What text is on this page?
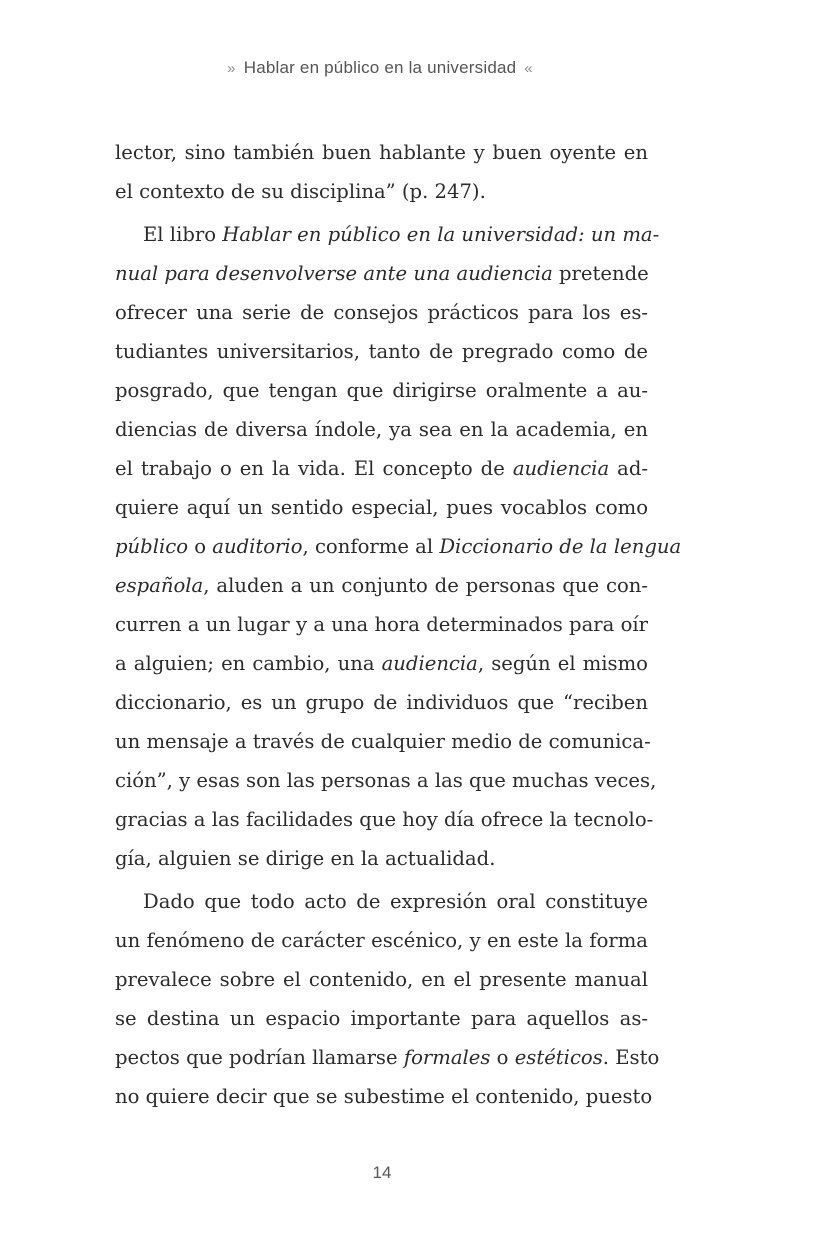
» Hablar en público en la universidad «
lector, sino también buen hablante y buen oyente en
el contexto de su disciplina” (p. 247).
El libro Hablar en público en la universidad: un ma-
nual para desenvolverse ante una audiencia pretende
ofrecer una serie de consejos prácticos para los es-
tudiantes universitarios, tanto de pregrado como de
posgrado, que tengan que dirigirse oralmente a au-
diencias de diversa índole, ya sea en la academia, en
el trabajo o en la vida. El concepto de audiencia ad-
quiere aquí un sentido especial, pues vocablos como
público o auditorio, conforme al Diccionario de la lengua
española, aluden a un conjunto de personas que con-
curren a un lugar y a una hora determinados para oír
a alguien; en cambio, una audiencia, según el mismo
diccionario, es un grupo de individuos que “reciben
un mensaje a través de cualquier medio de comunica-
ción”, y esas son las personas a las que muchas veces,
gracias a las facilidades que hoy día ofrece la tecnolo-
gía, alguien se dirige en la actualidad.
Dado que todo acto de expresión oral constituye
un fenómeno de carácter escénico, y en este la forma
prevalece sobre el contenido, en el presente manual
se destina un espacio importante para aquellos as-
pectos que podrían llamarse formales o estéticos. Esto
no quiere decir que se subestime el contenido, puesto
14
